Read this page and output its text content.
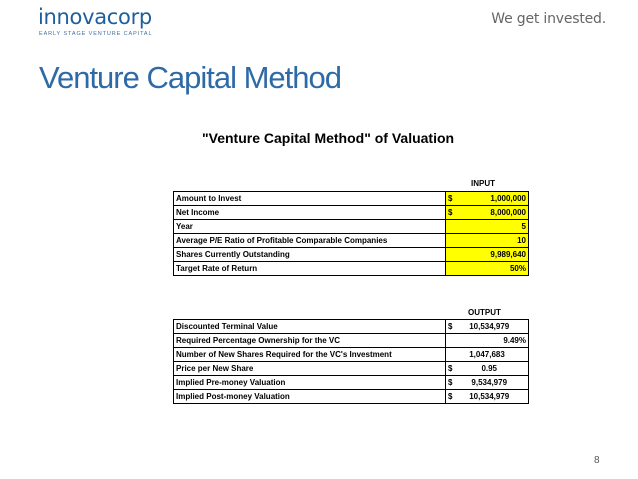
innovacorp
EARLY STAGE VENTURE CAPITAL
We get invested.
Venture Capital Method
"Venture Capital Method" of Valuation
INPUT
Amount to Invest	$ 1,000,000
Net Income	$ 8,000,000
Year	5
Average P/E Ratio of Profitable Comparable Companies	10
Shares Currently Outstanding	9,989,640
Target Rate of Return	50%
OUTPUT
Discounted Terminal Value	$ 10,534,979
Required Percentage Ownership for the VC	9.49%
Number of New Shares Required for the VC's Investment	1,047,683
Price per New Share	$ 0.95
Implied Pre-money Valuation	$ 9,534,979
Implied Post-money Valuation	$ 10,534,979
8
